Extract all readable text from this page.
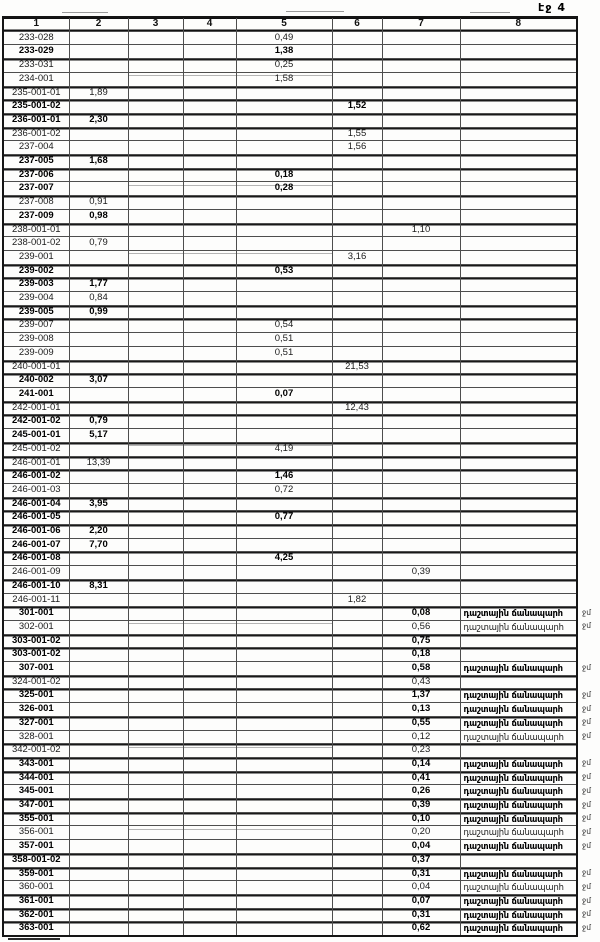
էջ 4
1	2	3	4	5	6	7	8
233-028				0,49			
233-029				1,38			
233-031				0,25			
234-001				1,58			
235-001-01	1,89						
235-001-02					1,52		
236-001-01	2,30						
236-001-02					1,55		
237-004					1,56		
237-005	1,68						
237-006				0,18			
237-007				0,28			
237-008	0,91						
237-009	0,98						
238-001-01						1,10	
238-001-02	0,79						
239-001					3,16		
239-002				0,53			
239-003	1,77						
239-004	0,84						
239-005	0,99						
239-007				0,54			
239-008				0,51			
239-009				0,51			
240-001-01					21,53		
240-002	3,07						
241-001				0,07			
242-001-01					12,43		
242-001-02	0,79						
245-001-01	5,17						
245-001-02				4,19			
246-001-01	13,39						
246-001-02				1,46			
246-001-03				0,72			
246-001-04	3,95						
246-001-05				0,77			
246-001-06	2,20						
246-001-07	7,70						
246-001-08				4,25			
246-001-09						0,39	
246-001-10	8,31						
246-001-11					1,82		
301-001						0,08	դաշտային ճանապարհ
302-001						0,56	դաշտային ճանապարհ
303-001-02						0,75	
303-001-02						0,18	
307-001						0,58	դաշտային ճանապարհ
324-001-02						0,43	
325-001						1,37	դաշտային ճանապարհ
326-001						0,13	դաշտային ճանապարհ
327-001						0,55	դաշտային ճանապարհ
328-001						0,12	դաշտային ճանապարհ
342-001-02						0,23	
343-001						0,14	դաշտային ճանապարհ
344-001						0,41	դաշտային ճանապարհ
345-001						0,26	դաշտային ճանապարհ
347-001						0,39	դաշտային ճանապարհ
355-001						0,10	դաշտային ճանապարհ
356-001						0,20	դաշտային ճանապարհ
357-001						0,04	դաշտային ճանապարհ
358-001-02						0,37	
359-001						0,31	դաշտային ճանապարհ
360-001						0,04	դաշտային ճանապարհ
361-001						0,07	դաշտային ճանապարհ
362-001						0,31	դաշտային ճանապարհ
363-001						0,62	դաշտային ճանապարհ
ջմ
ջմ
ջմ
ջմ
ջմ
ջմ
ջմ
ջմ
ջմ
ջմ
ջմ
ջմ
ջմ
ջմ
ջմ
ջմ
ջմ
ջմ
ջմ
